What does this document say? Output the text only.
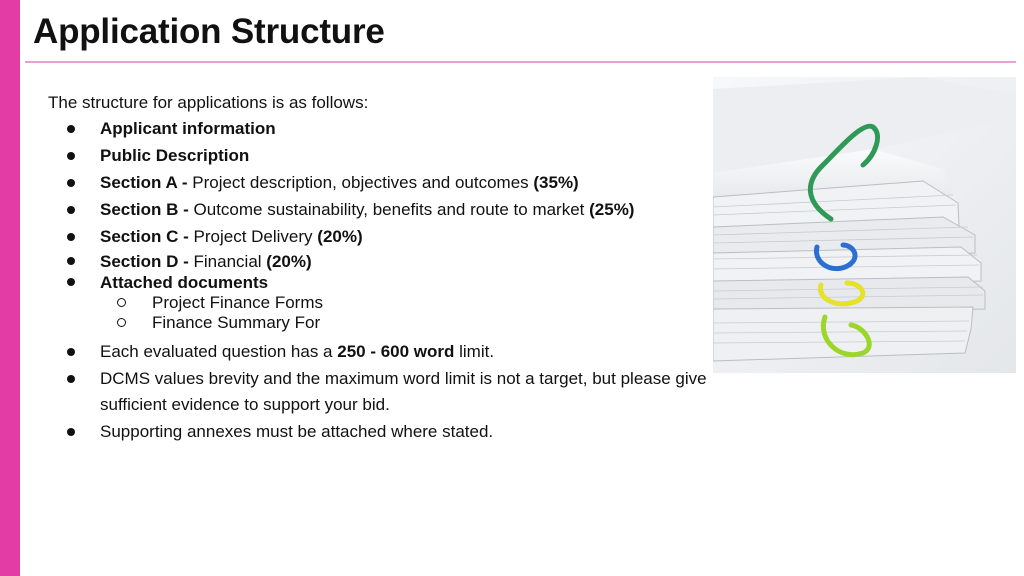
Application Structure
The structure for applications is as follows:
Applicant information
Public Description
Section A - Project description, objectives and outcomes (35%)
Section B - Outcome sustainability, benefits and route to market (25%)
Section C - Project Delivery (20%)
Section D - Financial (20%)
Attached documents
Project Finance Forms
Finance Summary For
Each evaluated question has a 250 - 600 word limit.
DCMS values brevity and the maximum word limit is not a target, but please give sufficient evidence to support your bid.
Supporting annexes must be attached where stated.
